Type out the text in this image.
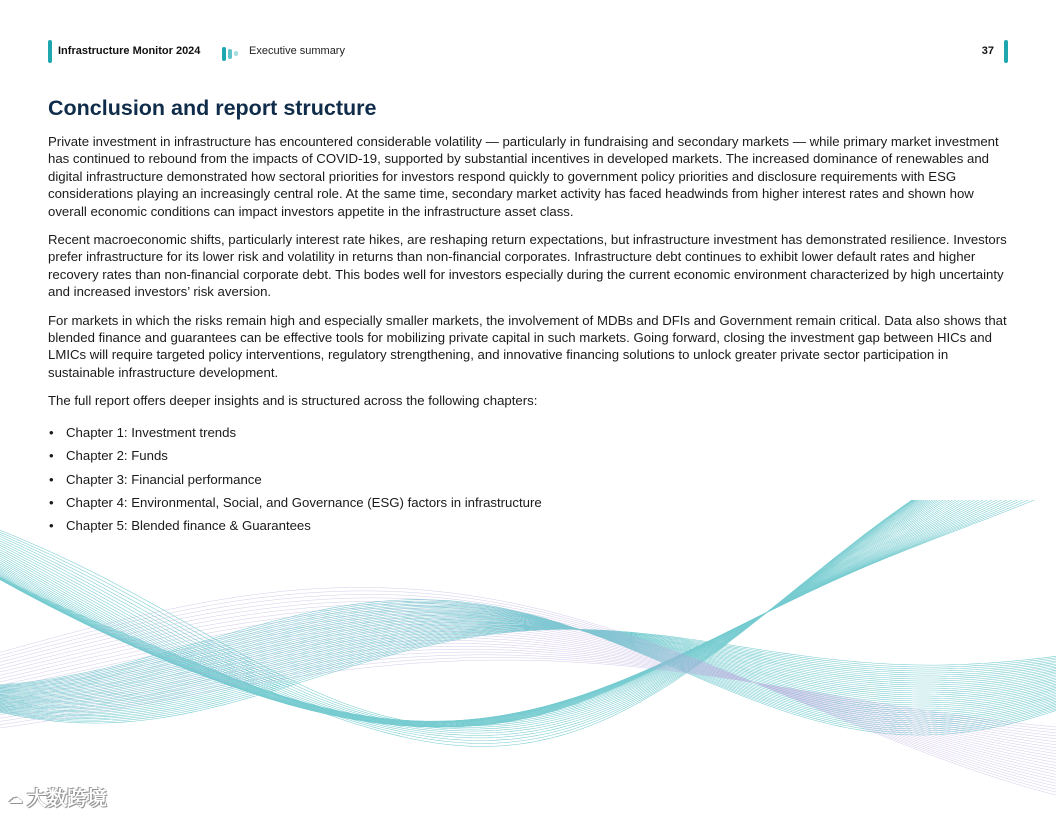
Infrastructure Monitor 2024	Executive summary	37
Conclusion and report structure

Private investment in infrastructure has encountered considerable volatility — particularly in fundraising and secondary markets — while primary market investment has continued to rebound from the impacts of COVID-19, supported by substantial incentives in developed markets. The increased dominance of renewables and digital infrastructure demonstrated how sectoral priorities for investors respond quickly to government policy priorities and disclosure requirements with ESG considerations playing an increasingly central role. At the same time, secondary market activity has faced headwinds from higher interest rates and shown how overall economic conditions can impact investors appetite in the infrastructure asset class.

Recent macroeconomic shifts, particularly interest rate hikes, are reshaping return expectations, but infrastructure investment has demonstrated resilience. Investors prefer infrastructure for its lower risk and volatility in returns than non-financial corporates. Infrastructure debt continues to exhibit lower default rates and higher recovery rates than non-financial corporate debt. This bodes well for investors especially during the current economic environment characterized by high uncertainty and increased investors’ risk aversion.

For markets in which the risks remain high and especially smaller markets, the involvement of MDBs and DFIs and Government remain critical. Data also shows that blended finance and guarantees can be effective tools for mobilizing private capital in such markets. Going forward, closing the investment gap between HICs and LMICs will require targeted policy interventions, regulatory strengthening, and innovative financing solutions to unlock greater private sector participation in sustainable infrastructure development.

The full report offers deeper insights and is structured across the following chapters:

• Chapter 1: Investment trends
• Chapter 2: Funds
• Chapter 3: Financial performance
• Chapter 4: Environmental, Social, and Governance (ESG) factors in infrastructure
• Chapter 5: Blended finance & Guarantees
☁ 大数跨境
